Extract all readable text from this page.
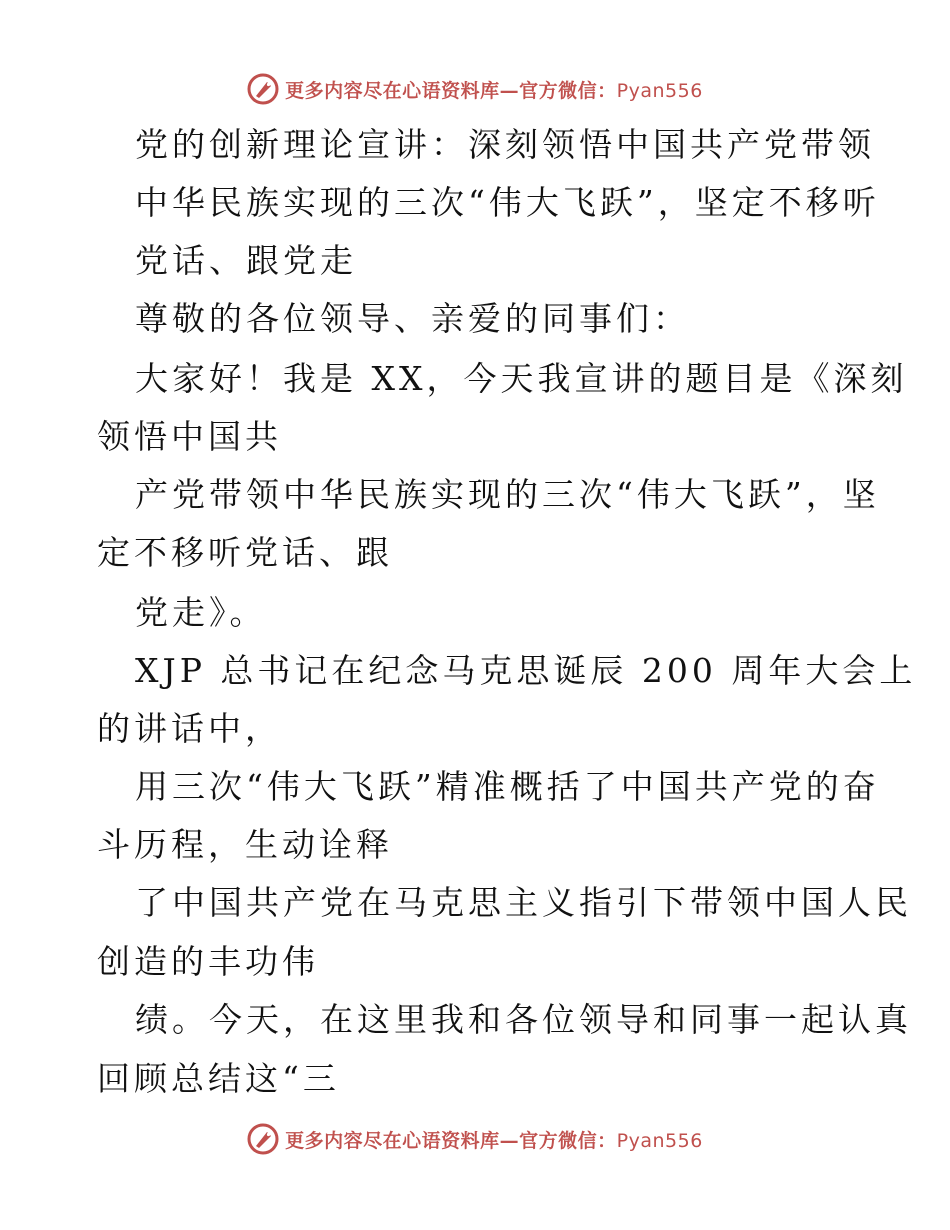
更多内容尽在心语资料库—官方微信：Pyan556
党的创新理论宣讲：深刻领悟中国共产党带领
中华民族实现的三次“伟大飞跃”，坚定不移听
党话、跟党走
尊敬的各位领导、亲爱的同事们：
大家好！我是 XX，今天我宣讲的题目是《深刻
领悟中国共
产党带领中华民族实现的三次“伟大飞跃”，坚
定不移听党话、跟
党走》。
XJP 总书记在纪念马克思诞辰 200 周年大会上
的讲话中，
用三次“伟大飞跃”精准概括了中国共产党的奋
斗历程，生动诠释
了中国共产党在马克思主义指引下带领中国人民
创造的丰功伟
绩。今天，在这里我和各位领导和同事一起认真
回顾总结这“三
更多内容尽在心语资料库—官方微信：Pyan556
